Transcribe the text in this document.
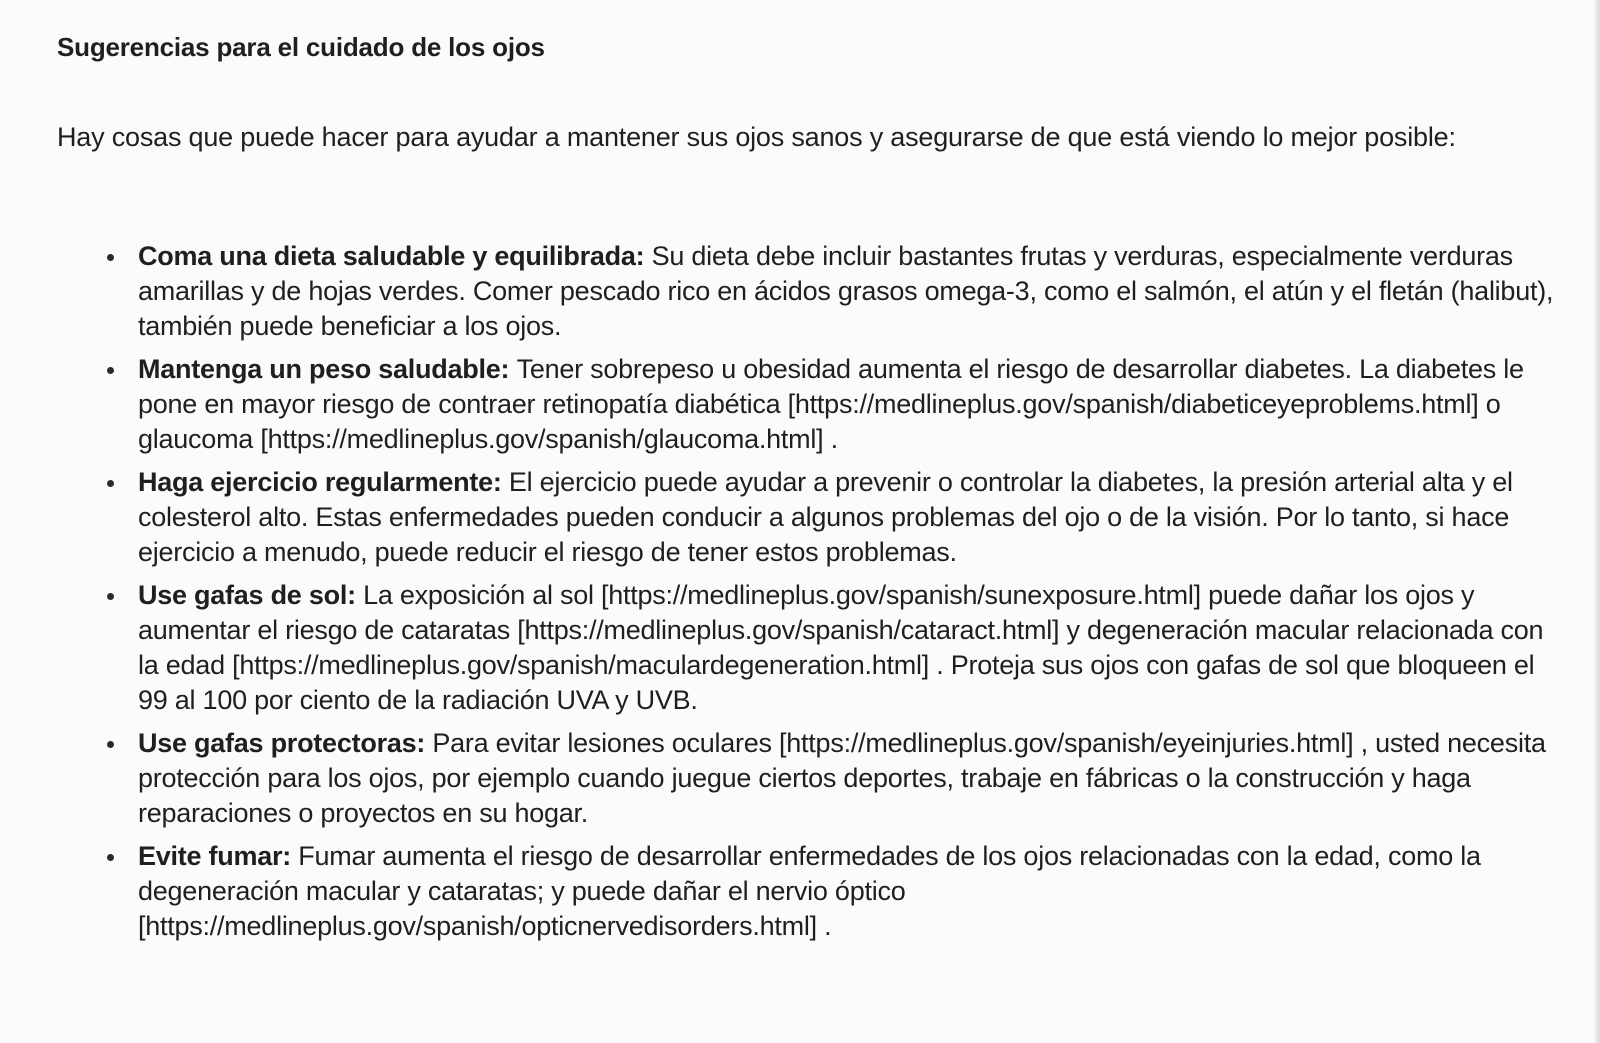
Sugerencias para el cuidado de los ojos

Hay cosas que puede hacer para ayudar a mantener sus ojos sanos y asegurarse de que está viendo lo mejor posible:

Coma una dieta saludable y equilibrada: Su dieta debe incluir bastantes frutas y verduras, especialmente verduras amarillas y de hojas verdes. Comer pescado rico en ácidos grasos omega-3, como el salmón, el atún y el fletán (halibut), también puede beneficiar a los ojos.
Mantenga un peso saludable: Tener sobrepeso u obesidad aumenta el riesgo de desarrollar diabetes. La diabetes le pone en mayor riesgo de contraer retinopatía diabética [https://medlineplus.gov/spanish/diabeticeyeproblems.html] o glaucoma [https://medlineplus.gov/spanish/glaucoma.html] .
Haga ejercicio regularmente: El ejercicio puede ayudar a prevenir o controlar la diabetes, la presión arterial alta y el colesterol alto. Estas enfermedades pueden conducir a algunos problemas del ojo o de la visión. Por lo tanto, si hace ejercicio a menudo, puede reducir el riesgo de tener estos problemas.
Use gafas de sol: La exposición al sol [https://medlineplus.gov/spanish/sunexposure.html] puede dañar los ojos y aumentar el riesgo de cataratas [https://medlineplus.gov/spanish/cataract.html] y degeneración macular relacionada con la edad [https://medlineplus.gov/spanish/maculardegeneration.html] . Proteja sus ojos con gafas de sol que bloqueen el 99 al 100 por ciento de la radiación UVA y UVB.
Use gafas protectoras: Para evitar lesiones oculares [https://medlineplus.gov/spanish/eyeinjuries.html] , usted necesita protección para los ojos, por ejemplo cuando juegue ciertos deportes, trabaje en fábricas o la construcción y haga reparaciones o proyectos en su hogar.
Evite fumar: Fumar aumenta el riesgo de desarrollar enfermedades de los ojos relacionadas con la edad, como la degeneración macular y cataratas; y puede dañar el nervio óptico [https://medlineplus.gov/spanish/opticnervedisorders.html] .
